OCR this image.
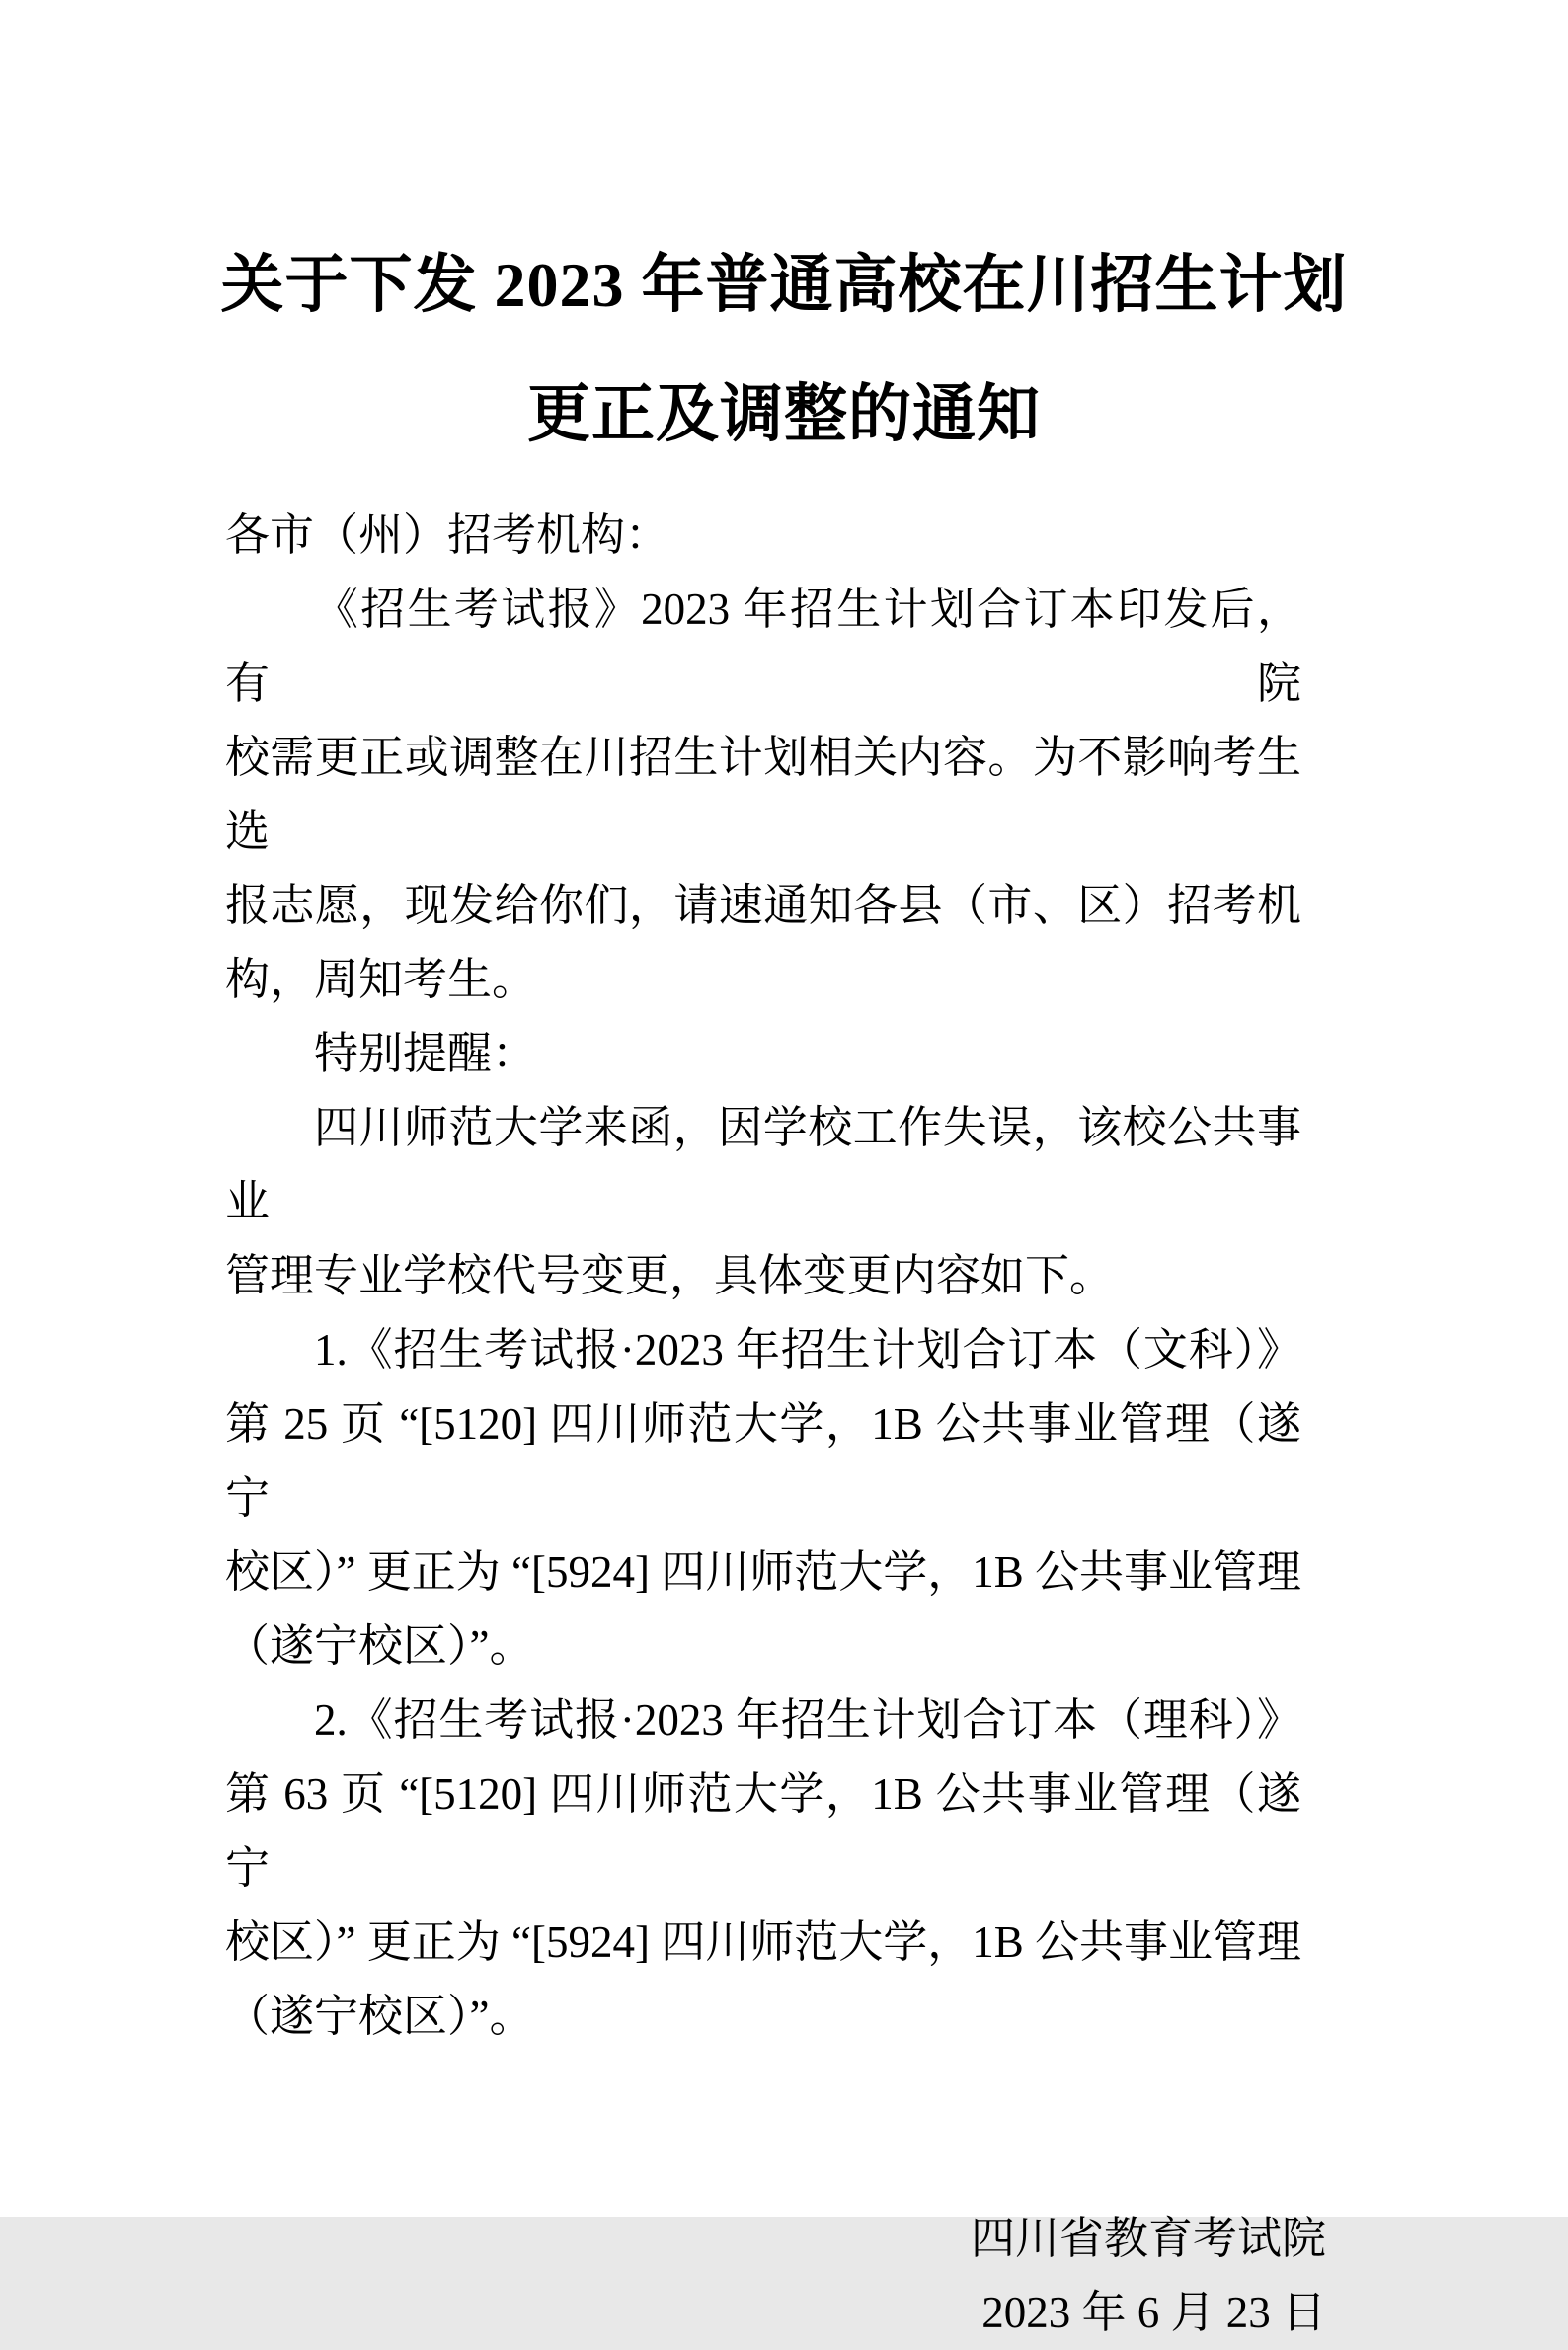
关于下发 2023 年普通高校在川招生计划
更正及调整的通知
各市（州）招考机构：
《招生考试报》2023 年招生计划合订本印发后，有院
校需更正或调整在川招生计划相关内容。为不影响考生选
报志愿，现发给你们，请速通知各县（市、区）招考机
构，周知考生。
特别提醒：
四川师范大学来函，因学校工作失误，该校公共事业
管理专业学校代号变更，具体变更内容如下。
1.《招生考试报·2023 年招生计划合订本（文科）》
第 25 页 “[5120] 四川师范大学，1B 公共事业管理（遂宁
校区）” 更正为 “[5924] 四川师范大学，1B 公共事业管理
（遂宁校区）”。
2.《招生考试报·2023 年招生计划合订本（理科）》
第 63 页 “[5120] 四川师范大学，1B 公共事业管理（遂宁
校区）” 更正为 “[5924] 四川师范大学，1B 公共事业管理
（遂宁校区）”。
四川省教育考试院
2023 年 6 月 23 日
